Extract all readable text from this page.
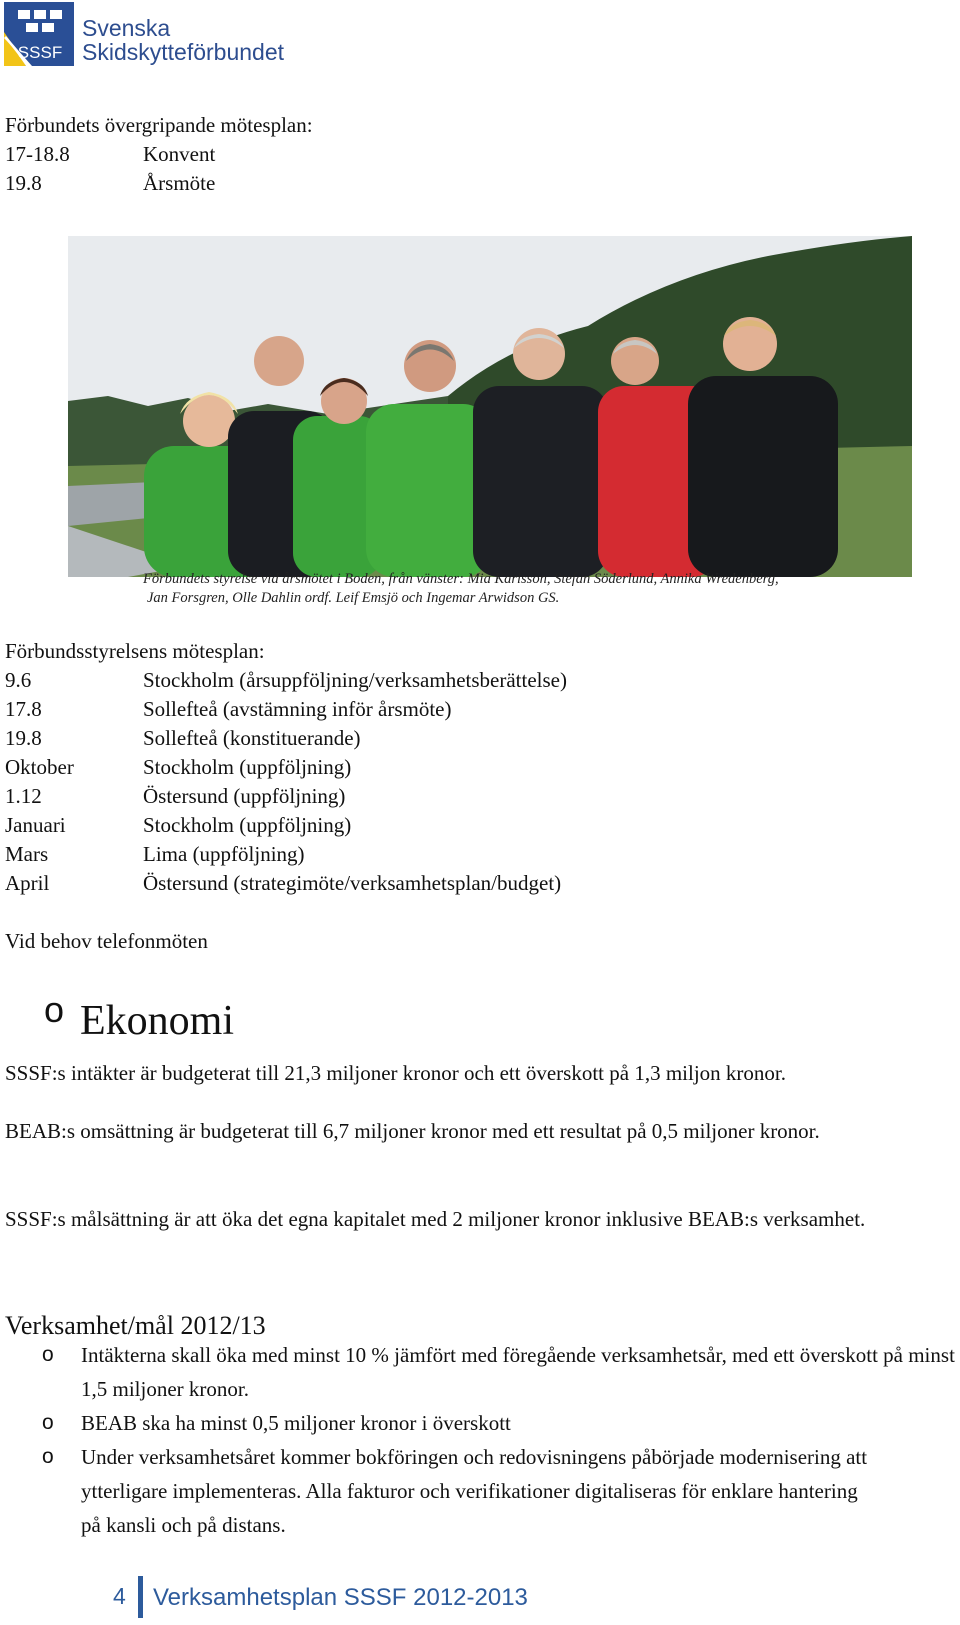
SSSF
Svenska
Skidskytteförbundet
Förbundets övergripande mötesplan:
17-18.8	Konvent
19.8	Årsmöte
Förbundets styrelse vid årsmötet i Boden, från vänster: Mia Karlsson, Stefan Söderlund, Annika Wredenberg,
Jan Forsgren, Olle Dahlin ordf. Leif Emsjö och Ingemar Arwidson GS.
Förbundsstyrelsens mötesplan:
9.6	Stockholm (årsuppföljning/verksamhetsberättelse)
17.8	Sollefteå (avstämning inför årsmöte)
19.8	Sollefteå (konstituerande)
Oktober	Stockholm (uppföljning)
1.12	Östersund (uppföljning)
Januari	Stockholm (uppföljning)
Mars	Lima (uppföljning)
April	Östersund (strategimöte/verksamhetsplan/budget)
Vid behov telefonmöten
o Ekonomi
SSSF:s intäkter är budgeterat till 21,3 miljoner kronor och ett överskott på 1,3 miljon kronor.
BEAB:s omsättning är budgeterat till 6,7 miljoner kronor med ett resultat på 0,5 miljoner kronor.
SSSF:s målsättning är att öka det egna kapitalet med 2 miljoner kronor inklusive BEAB:s verksamhet.
Verksamhet/mål 2012/13
o Intäkterna skall öka med minst 10 % jämfört med föregående verksamhetsår, med ett överskott på minst 1,5 miljoner kronor.
o BEAB ska ha minst 0,5 miljoner kronor i överskott
o Under verksamhetsåret kommer bokföringen och redovisningens påbörjade modernisering att ytterligare implementeras. Alla fakturor och verifikationer digitaliseras för enklare hantering på kansli och på distans.
4 Verksamhetsplan SSSF 2012-2013
